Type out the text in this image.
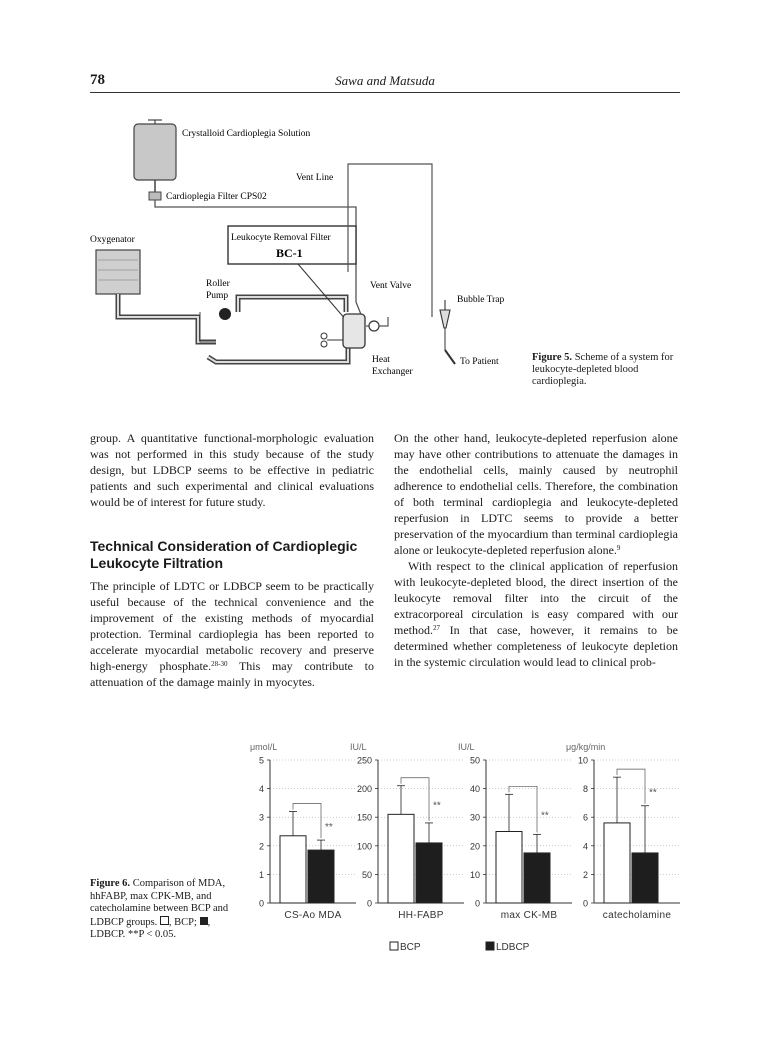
78	Sawa and Matsuda
Crystalloid Cardioplegia Solution
Vent Line
Cardioplegia Filter CPS02
Oxygenator	Leukocyte Removal Filter
BC-1
Roller
Pump
Vent Valve
Bubble Trap
Heat
Exchanger
To Patient	Figure 5. Scheme of a system for leukocyte-depleted blood cardioplegia.

group. A quantitative functional-morphologic evaluation was not performed in this study because of the study design, but LDBCP seems to be effective in pediatric patients and such experimental and clinical evaluations would be of interest for future study.

Technical Consideration of Cardioplegic Leukocyte Filtration

The principle of LDTC or LDBCP seem to be practically useful because of the technical convenience and the improvement of the existing methods of myocardial protection. Terminal cardioplegia has been reported to accelerate myocardial metabolic recovery and preserve high-energy phosphate.$^{28-30}$ This may contribute to attenuation of the damage mainly in myocytes.

On the other hand, leukocyte-depleted reperfusion alone may have other contributions to attenuate the damages in the endothelial cells, mainly caused by neutrophil adherence to endothelial cells. Therefore, the combination of both terminal cardioplegia and leukocyte-depleted reperfusion in LDTC seems to provide a better preservation of the myocardium than terminal cardioplegia alone or leukocyte-depleted reperfusion alone.$^9$

With respect to the clinical application of reperfusion with leukocyte-depleted blood, the direct insertion of the leukocyte removal filter into the circuit of the extracorporeal circulation is easy compared with our method.$^{27}$ In that case, however, it remains to be determined whether completeness of leukocyte depletion in the systemic circulation would lead to clinical prob-

μmol/L
0
1
2
3
4
5
**
CS-Ao MDA
IU/L
0
50
100
150
200
250
**
HH-FABP
IU/L
0
10
20
30
40
50
**
max CK-MB
μg/kg/min
0
2
4
6
8
10
**
catecholamine
BCP	LDBCP
Figure 6. Comparison of MDA, hhFABP, max CPK-MB, and catecholamine between BCP and LDBCP groups. , BCP; , LDBCP. **P < 0.05.
